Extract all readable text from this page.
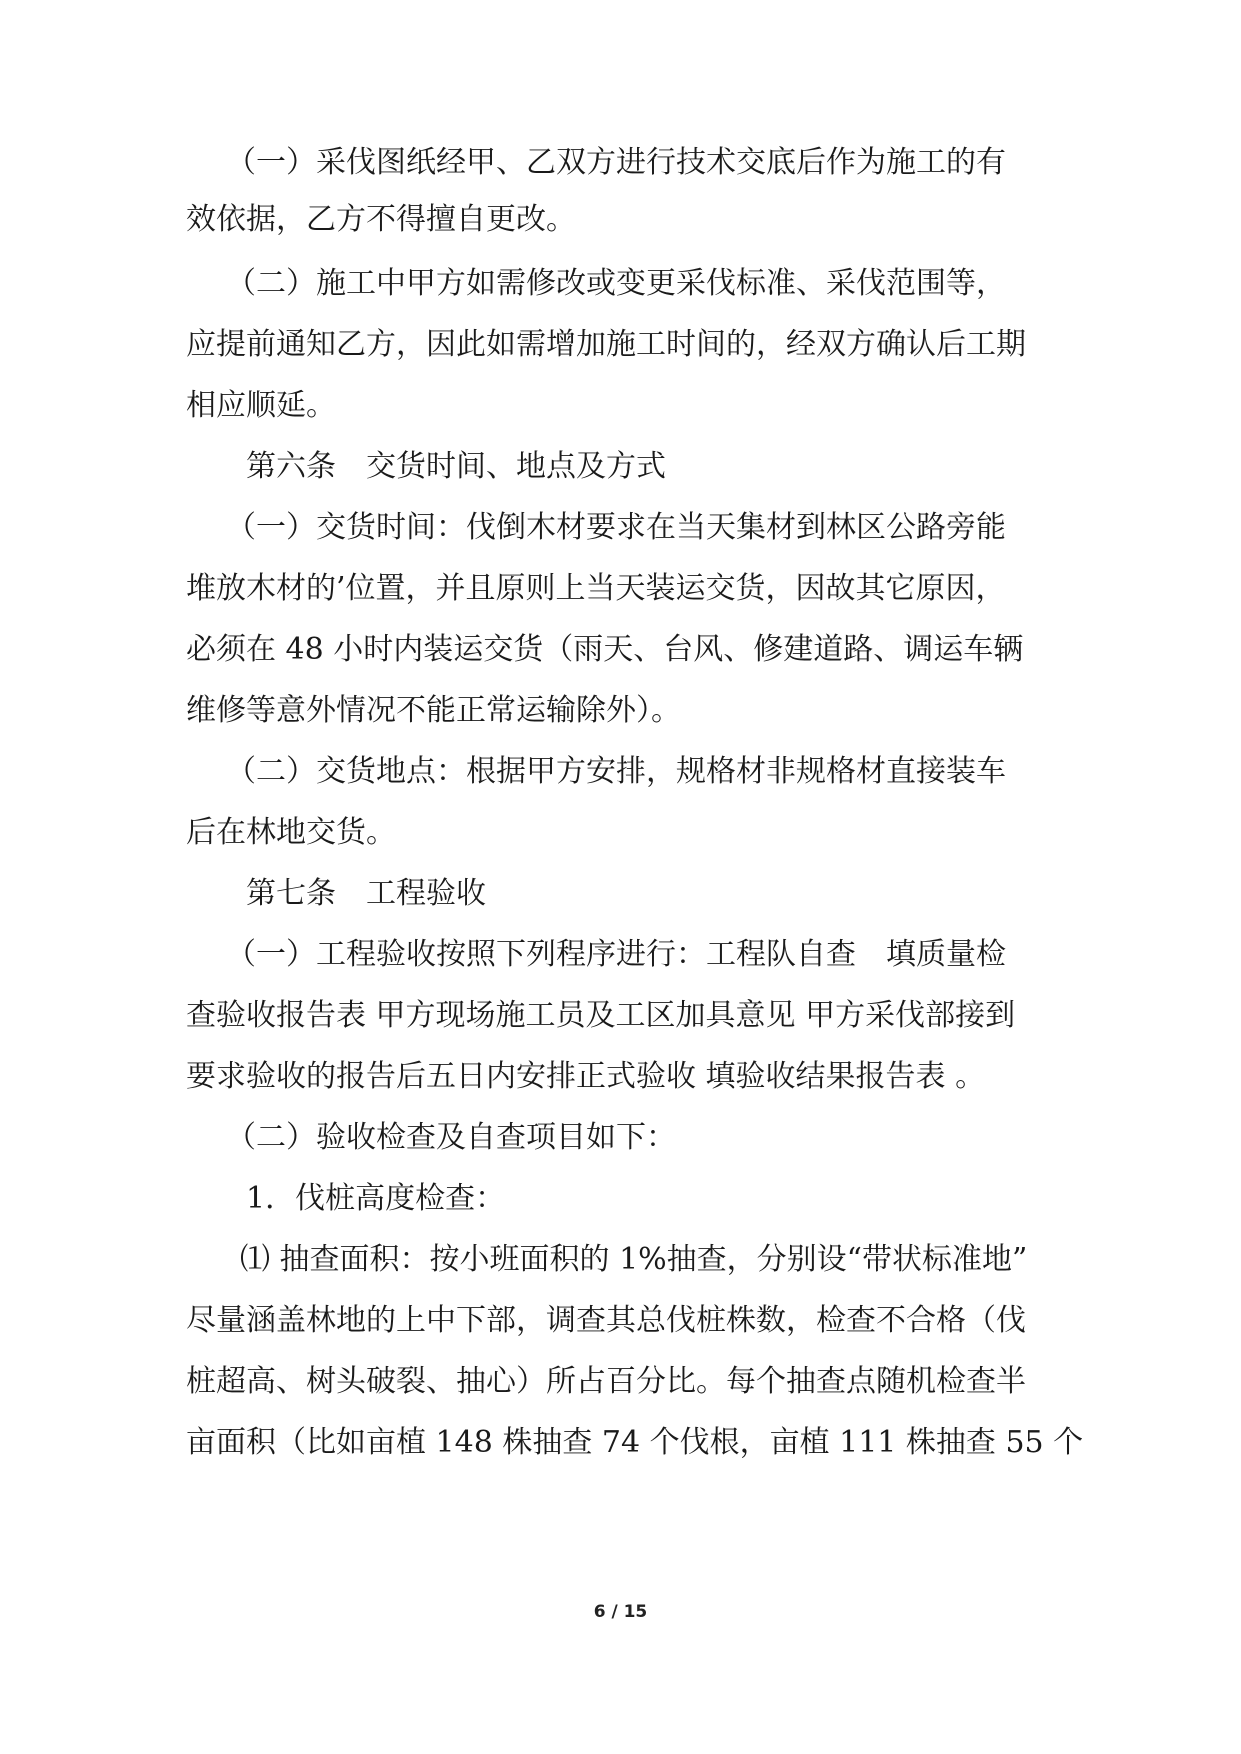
（一）采伐图纸经甲、乙双方进行技术交底后作为施工的有
效依据，乙方不得擅自更改。
（二）施工中甲方如需修改或变更采伐标准、采伐范围等，
应提前通知乙方，因此如需增加施工时间的，经双方确认后工期
相应顺延。
第六条　交货时间、地点及方式
（一）交货时间：伐倒木材要求在当天集材到林区公路旁能
堆放木材的’位置，并且原则上当天装运交货，因故其它原因，
必须在 48 小时内装运交货（雨天、台风、修建道路、调运车辆
维修等意外情况不能正常运输除外）。
（二）交货地点：根据甲方安排，规格材非规格材直接装车
后在林地交货。
第七条　工程验收
（一）工程验收按照下列程序进行：工程队自查　填质量检
查验收报告表 甲方现场施工员及工区加具意见 甲方采伐部接到
要求验收的报告后五日内安排正式验收 填验收结果报告表 。
（二）验收检查及自查项目如下：
1．伐桩高度检查：
⑴ 抽查面积：按小班面积的 1%抽查，分别设“带状标准地”
尽量涵盖林地的上中下部，调查其总伐桩株数，检查不合格（伐
桩超高、树头破裂、抽心）所占百分比。每个抽查点随机检查半
亩面积（比如亩植 148 株抽查 74 个伐根，亩植 111 株抽查 55 个
6 / 15
